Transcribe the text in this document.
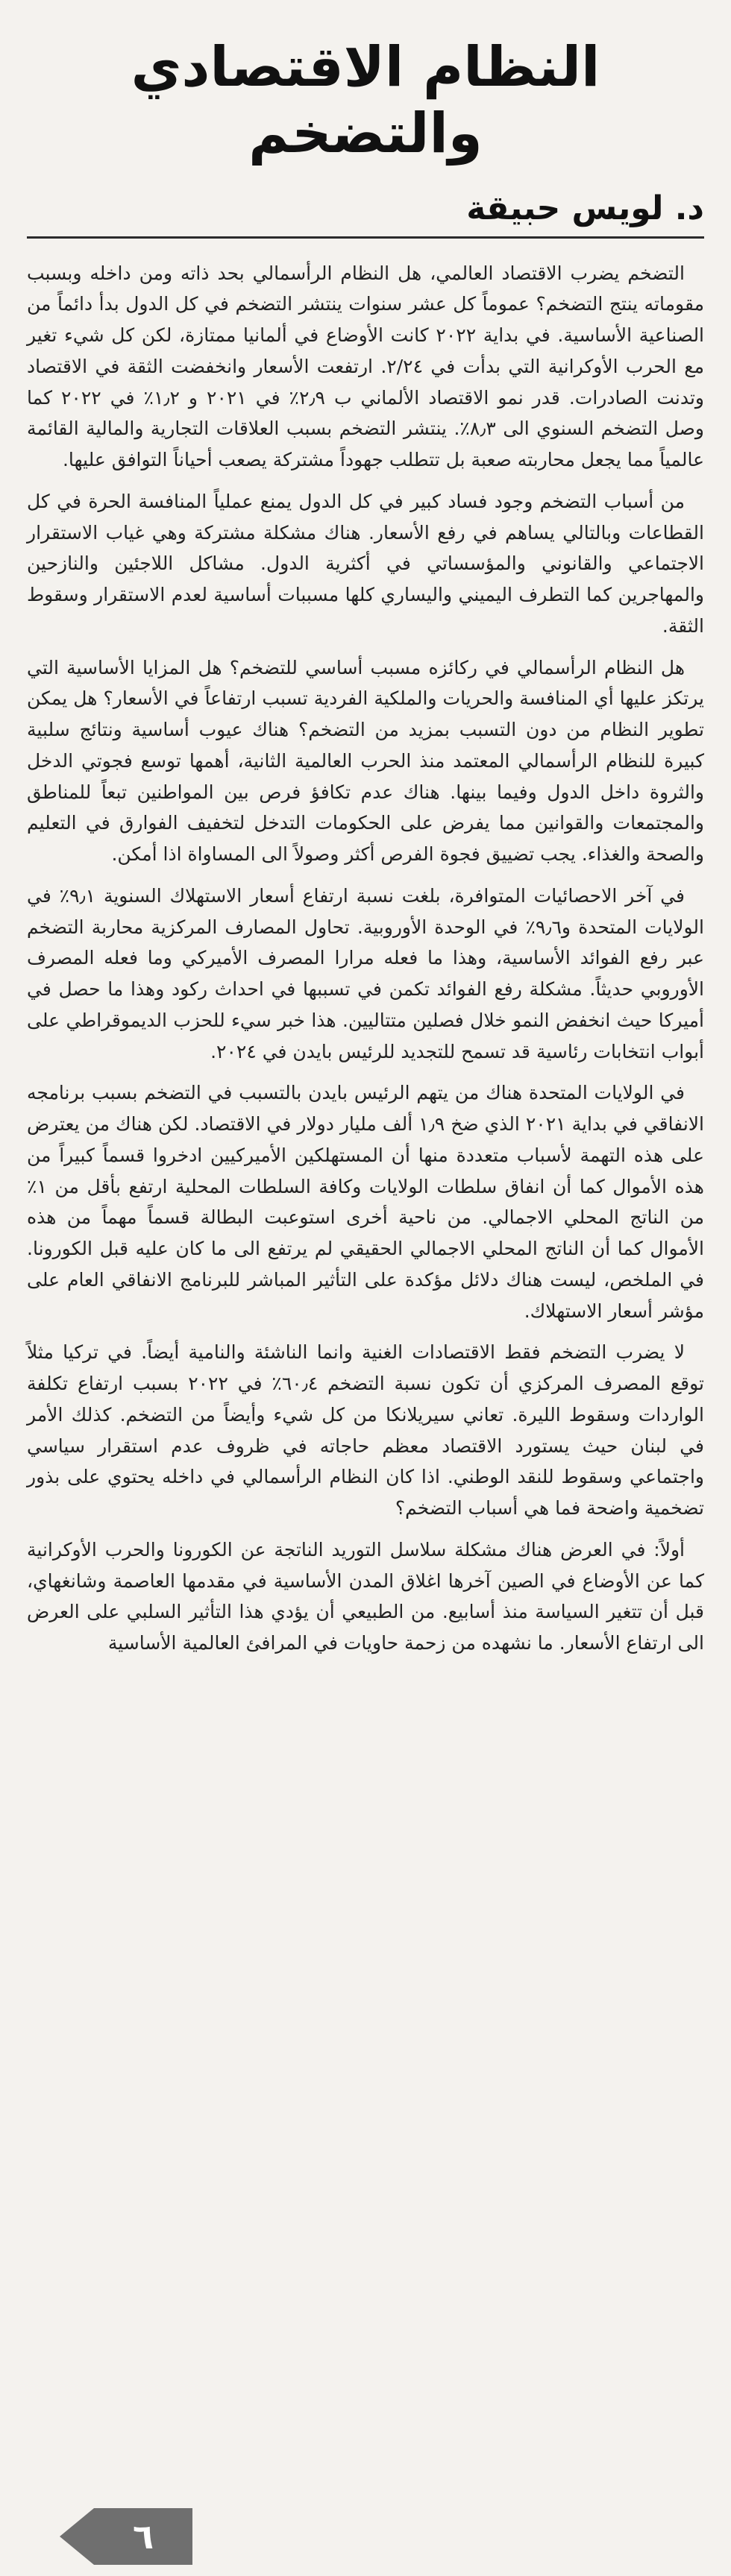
النظام الاقتصادي والتضخم
د. لويس حبيقة

التضخم يضرب الاقتصاد العالمي، هل النظام الرأسمالي بحد ذاته ومن داخله وبسبب مقوماته ينتج التضخم؟ عموماً كل عشر سنوات ينتشر التضخم في كل الدول بدأ دائماً من الصناعية الأساسية. في بداية ٢٠٢٢ كانت الأوضاع في ألمانيا ممتازة، لكن كل شيء تغير مع الحرب الأوكرانية التي بدأت في ٢/٢٤. ارتفعت الأسعار وانخفضت الثقة في الاقتصاد وتدنت الصادرات. قدر نمو الاقتصاد الألماني ب ٢٫٩٪ في ٢٠٢١ و ١٫٢٪ في ٢٠٢٢ كما وصل التضخم السنوي الى ٨٫٣٪. ينتشر التضخم بسبب العلاقات التجارية والمالية القائمة عالمياً مما يجعل محاربته صعبة بل تتطلب جهوداً مشتركة يصعب أحياناً التوافق عليها.

من أسباب التضخم وجود فساد كبير في كل الدول يمنع عملياً المنافسة الحرة في كل القطاعات وبالتالي يساهم في رفع الأسعار. هناك مشكلة مشتركة وهي غياب الاستقرار الاجتماعي والقانوني والمؤسساتي في أكثرية الدول. مشاكل اللاجئين والنازحين والمهاجرين كما التطرف اليميني واليساري كلها مسببات أساسية لعدم الاستقرار وسقوط الثقة.

هل النظام الرأسمالي في ركائزه مسبب أساسي للتضخم؟ هل المزايا الأساسية التي يرتكز عليها أي المنافسة والحريات والملكية الفردية تسبب ارتفاعاً في الأسعار؟ هل يمكن تطوير النظام من دون التسبب بمزيد من التضخم؟ هناك عيوب أساسية ونتائج سلبية كبيرة للنظام الرأسمالي المعتمد منذ الحرب العالمية الثانية، أهمها توسع فجوتي الدخل والثروة داخل الدول وفيما بينها. هناك عدم تكافؤ فرص بين المواطنين تبعاً للمناطق والمجتمعات والقوانين مما يفرض على الحكومات التدخل لتخفيف الفوارق في التعليم والصحة والغذاء. يجب تضييق فجوة الفرص أكثر وصولاً الى المساواة اذا أمكن.

في آخر الاحصائيات المتوافرة، بلغت نسبة ارتفاع أسعار الاستهلاك السنوية ٩٫١٪ في الولايات المتحدة و٩٫٦٪ في الوحدة الأوروبية. تحاول المصارف المركزية محاربة التضخم عبر رفع الفوائد الأساسية، وهذا ما فعله مرارا المصرف الأميركي وما فعله المصرف الأوروبي حديثاً. مشكلة رفع الفوائد تكمن في تسببها في احداث ركود وهذا ما حصل في أميركا حيث انخفض النمو خلال فصلين متتاليين. هذا خبر سيء للحزب الديموقراطي على أبواب انتخابات رئاسية قد تسمح للتجديد للرئيس بايدن في ٢٠٢٤.

في الولايات المتحدة هناك من يتهم الرئيس بايدن بالتسبب في التضخم بسبب برنامجه الانفاقي في بداية ٢٠٢١ الذي ضخ ١٫٩ ألف مليار دولار في الاقتصاد. لكن هناك من يعترض على هذه التهمة لأسباب متعددة منها أن المستهلكين الأميركيين ادخروا قسماً كبيراً من هذه الأموال كما أن انفاق سلطات الولايات وكافة السلطات المحلية ارتفع بأقل من ١٪ من الناتج المحلي الاجمالي. من ناحية أخرى استوعبت البطالة قسماً مهماً من هذه الأموال كما أن الناتج المحلي الاجمالي الحقيقي لم يرتفع الى ما كان عليه قبل الكورونا. في الملخص، ليست هناك دلائل مؤكدة على التأثير المباشر للبرنامج الانفاقي العام على مؤشر أسعار الاستهلاك.

لا يضرب التضخم فقط الاقتصادات الغنية وانما الناشئة والنامية أيضاً. في تركيا مثلاً توقع المصرف المركزي أن تكون نسبة التضخم ٦٠٫٤٪ في ٢٠٢٢ بسبب ارتفاع تكلفة الواردات وسقوط الليرة. تعاني سيريلانكا من كل شيء وأيضاً من التضخم. كذلك الأمر في لبنان حيث يستورد الاقتصاد معظم حاجاته في ظروف عدم استقرار سياسي واجتماعي وسقوط للنقد الوطني. اذا كان النظام الرأسمالي في داخله يحتوي على بذور تضخمية واضحة فما هي أسباب التضخم؟

أولاً: في العرض هناك مشكلة سلاسل التوريد الناتجة عن الكورونا والحرب الأوكرانية كما عن الأوضاع في الصين آخرها اغلاق المدن الأساسية في مقدمها العاصمة وشانغهاي، قبل أن تتغير السياسة منذ أسابيع. من الطبيعي أن يؤدي هذا التأثير السلبي على العرض الى ارتفاع الأسعار. ما نشهده من زحمة حاويات في المرافئ العالمية الأساسية

٦
